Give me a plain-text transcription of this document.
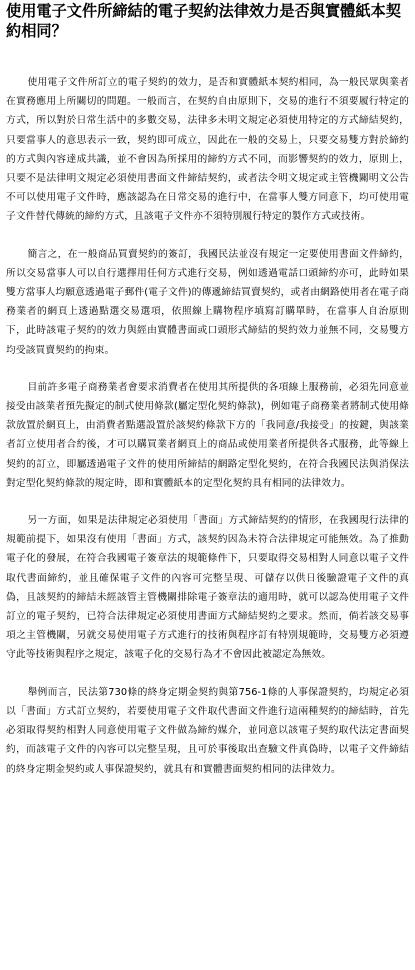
使用電子文件所締結的電子契約法律效力是否與實體紙本契約相同？

使用電子文件所訂立的電子契約的效力，是否和實體紙本契約相同，為一般民眾與業者在實務應用上所關切的問題。一般而言，在契約自由原則下，交易的進行不須要履行特定的方式，所以對於日常生活中的多數交易，法律多未明文規定必須使用特定的方式締結契約，只要當事人的意思表示一致，契約即可成立，因此在一般的交易上，只要交易雙方對於締約的方式與內容達成共識，並不會因為所採用的締約方式不同，而影響契約的效力，原則上，只要不是法律明文規定必須使用書面文件締結契約，或者法令明文規定或主管機關明文公告不可以使用電子文件時，應該認為在日常交易的進行中，在當事人雙方同意下，均可使用電子文件替代傳統的締約方式，且該電子文件亦不須特別履行特定的製作方式或技術。

簡言之，在一般商品買賣契約的簽訂，我國民法並沒有規定一定要使用書面文件締約，所以交易當事人可以自行選擇用任何方式進行交易，例如透過電話口頭締約亦可，此時如果雙方當事人均願意透過電子郵件(電子文件)的傳遞締結買賣契約，或者由網路使用者在電子商務業者的網頁上透過點選交易選項，依照線上購物程序填寫訂購單時，在當事人自治原則下，此時該電子契約的效力與經由實體書面或口頭形式締結的契約效力並無不同，交易雙方均受該買賣契約的拘束。

目前許多電子商務業者會要求消費者在使用其所提供的各項線上服務前，必須先同意並接受由該業者預先擬定的制式使用條款(屬定型化契約條款)，例如電子商務業者將制式使用條款放置於網頁上，由消費者點選設置於該契約條款下方的「我同意/我接受」的按鍵，與該業者訂立使用者合約後，才可以購買業者網頁上的商品或使用業者所提供各式服務，此等線上契約的訂立，即屬透過電子文件的使用所締結的網路定型化契約，在符合我國民法與消保法對定型化契約條款的規定時，即和實體紙本的定型化契約具有相同的法律效力。

另一方面，如果是法律規定必須使用「書面」方式締結契約的情形，在我國現行法律的規範前提下，如果沒有使用「書面」方式，該契約因為未符合法律規定可能無效。為了推動電子化的發展，在符合我國電子簽章法的規範條件下，只要取得交易相對人同意以電子文件取代書面締約，並且確保電子文件的內容可完整呈現、可儲存以供日後驗證電子文件的真偽，且該契約的締結未經該管主管機關排除電子簽章法的適用時，就可以認為使用電子文件訂立的電子契約，已符合法律規定必須使用書面方式締結契約之要求。然而，倘若該交易事項之主管機關，另就交易使用電子方式進行的技術與程序訂有特別規範時，交易雙方必須遵守此等技術與程序之規定，該電子化的交易行為才不會因此被認定為無效。

舉例而言，民法第730條的終身定期金契約與第756-1條的人事保證契約，均規定必須以「書面」方式訂立契約，若要使用電子文件取代書面文件進行這兩種契約的締結時，首先必須取得契約相對人同意使用電子文件做為締約媒介，並同意以該電子契約取代法定書面契約，而該電子文件的內容可以完整呈現，且可於事後取出查驗文件真偽時，以電子文件締結的終身定期金契約或人事保證契約，就具有和實體書面契約相同的法律效力。
